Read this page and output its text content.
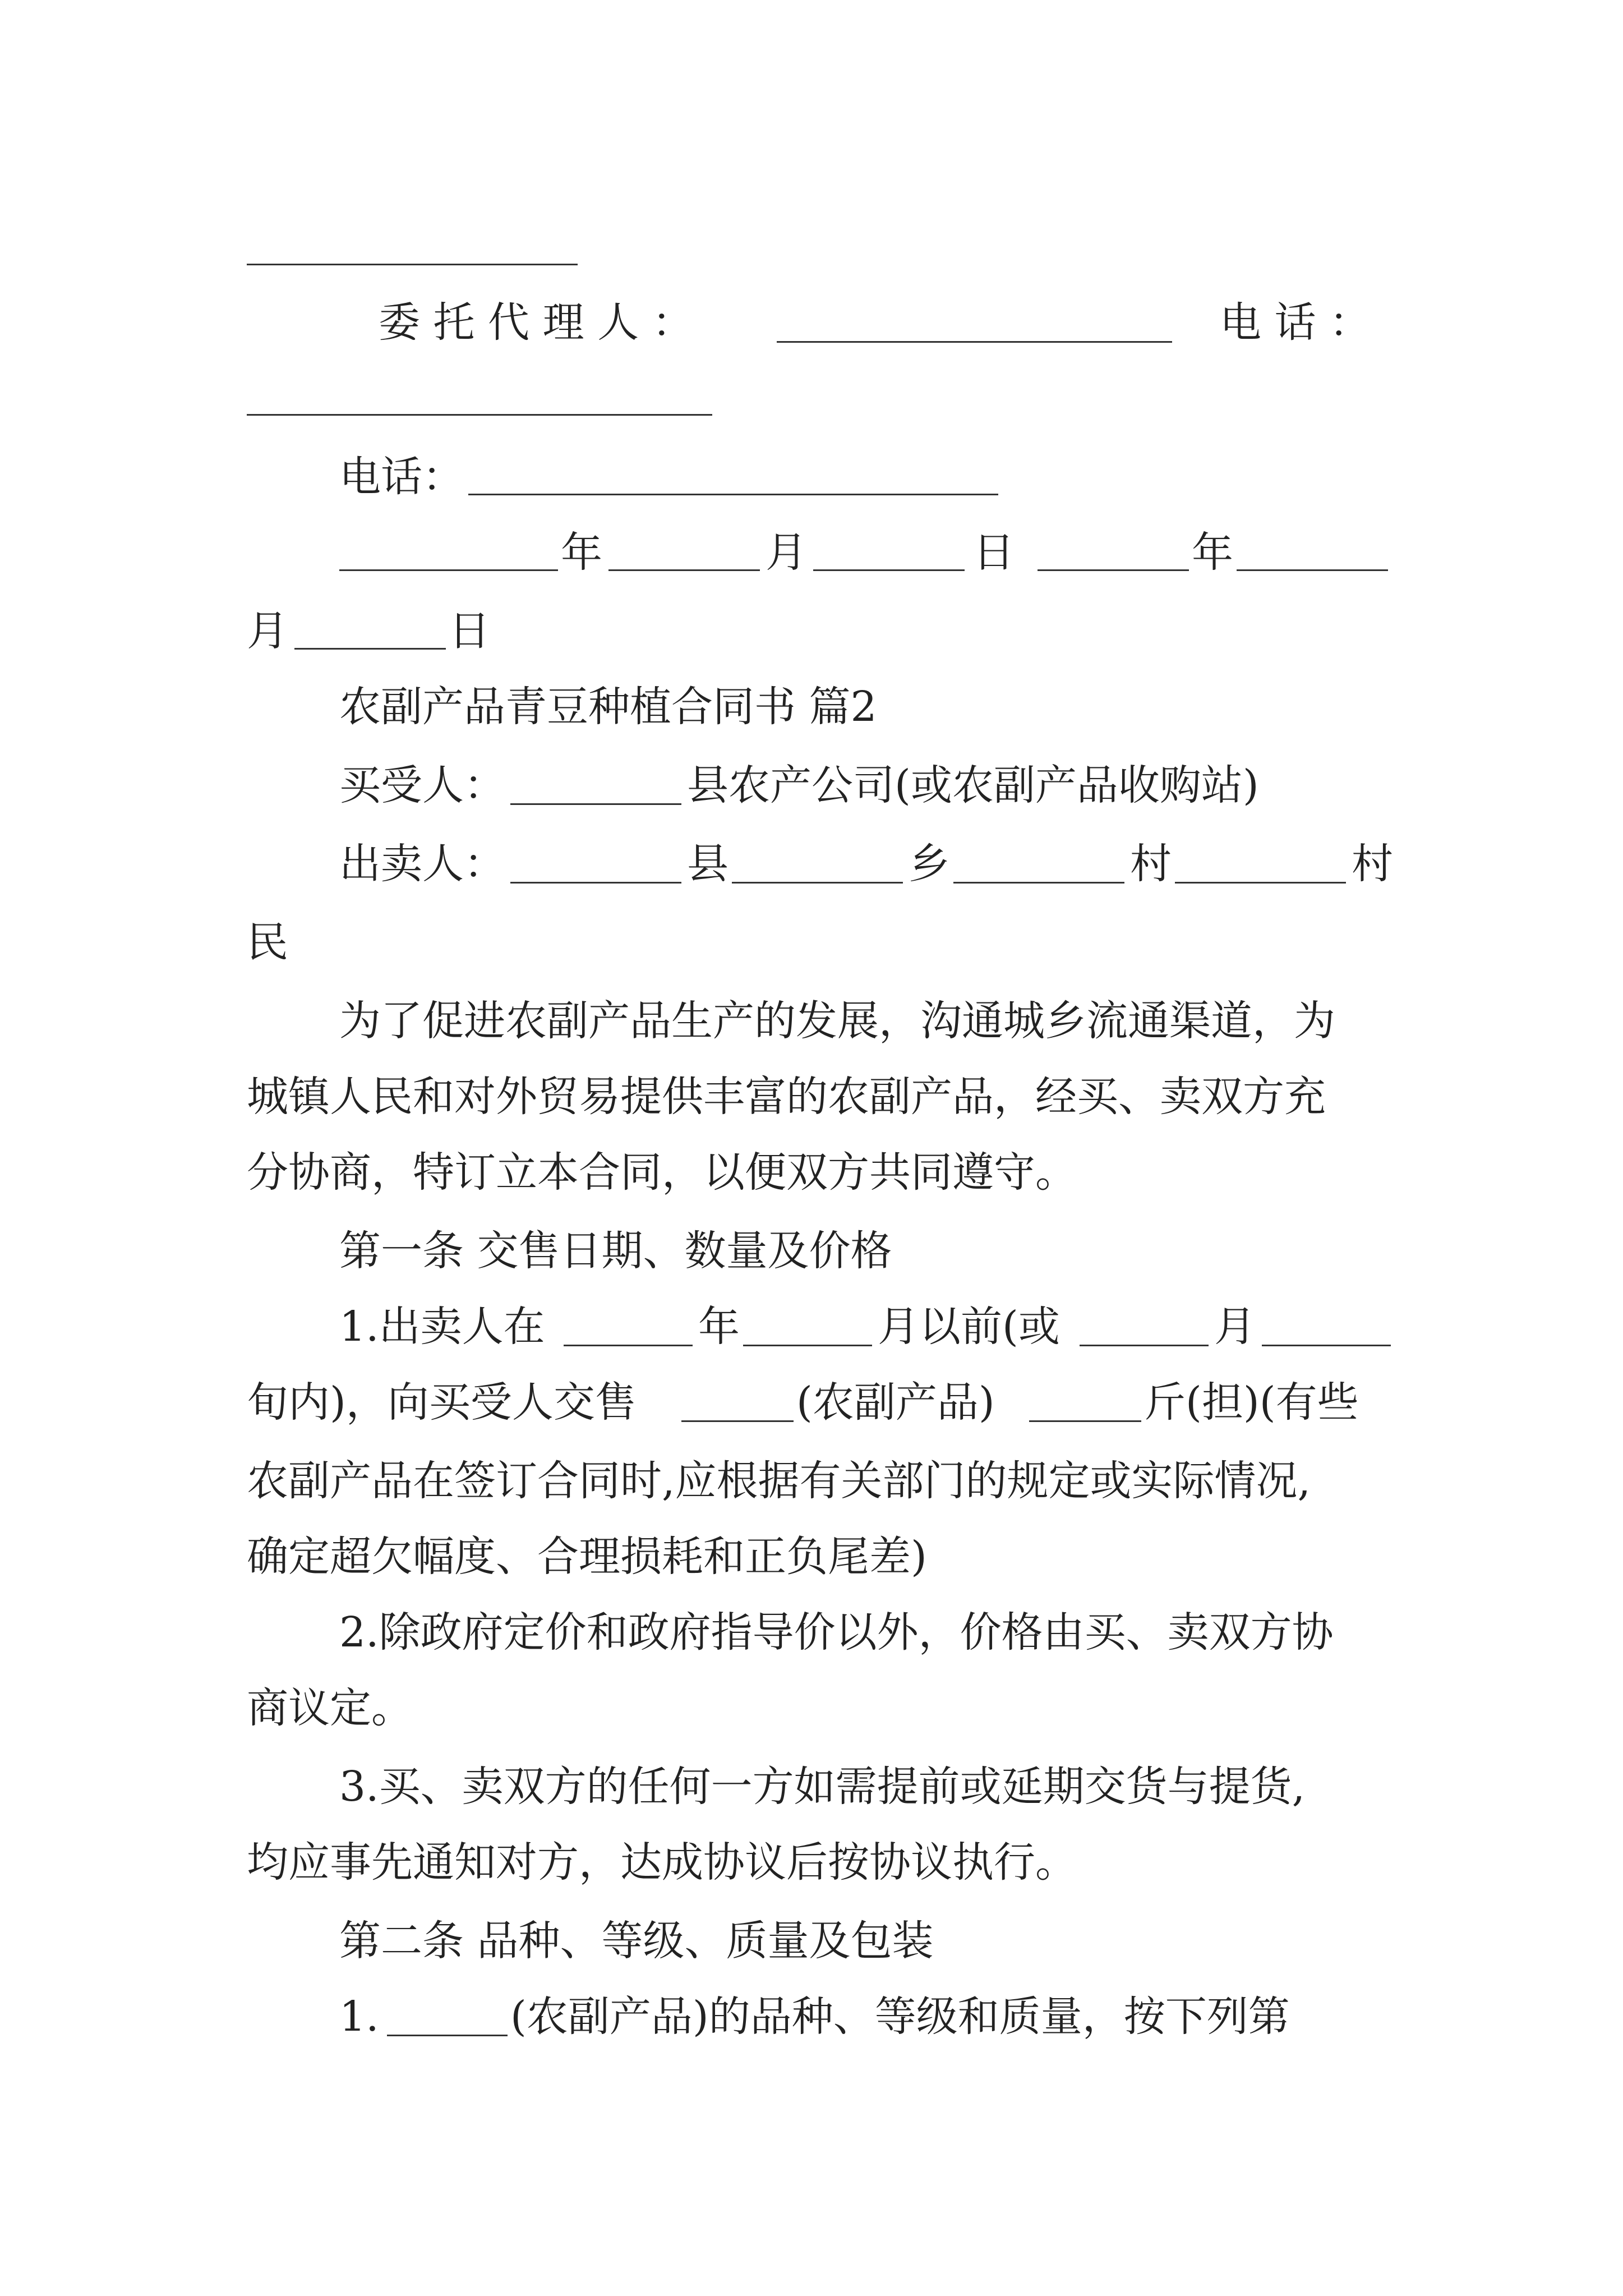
委 托 代 理 人 ：	电 话 ：
电话：
年	月	日	年
月	日
农副产品青豆种植合同书 篇2
买受人：	县农产公司(或农副产品收购站)
出卖人：	县	乡	村	村
民
为了促进农副产品生产的发展，沟通城乡流通渠道，为
城镇人民和对外贸易提供丰富的农副产品，经买、卖双方充
分协商，特订立本合同，以便双方共同遵守。
第一条 交售日期、数量及价格
1.出卖人在	年	月以前(或	月
旬内)，向买受人交售	(农副产品)	斤(担)(有些
农副产品在签订合同时,应根据有关部门的规定或实际情况,
确定超欠幅度、合理损耗和正负尾差)
2.除政府定价和政府指导价以外，价格由买、卖双方协
商议定。
3.买、卖双方的任何一方如需提前或延期交货与提货,
均应事先通知对方，达成协议后按协议执行。
第二条 品种、等级、质量及包装
1.	(农副产品)的品种、等级和质量，按下列第
